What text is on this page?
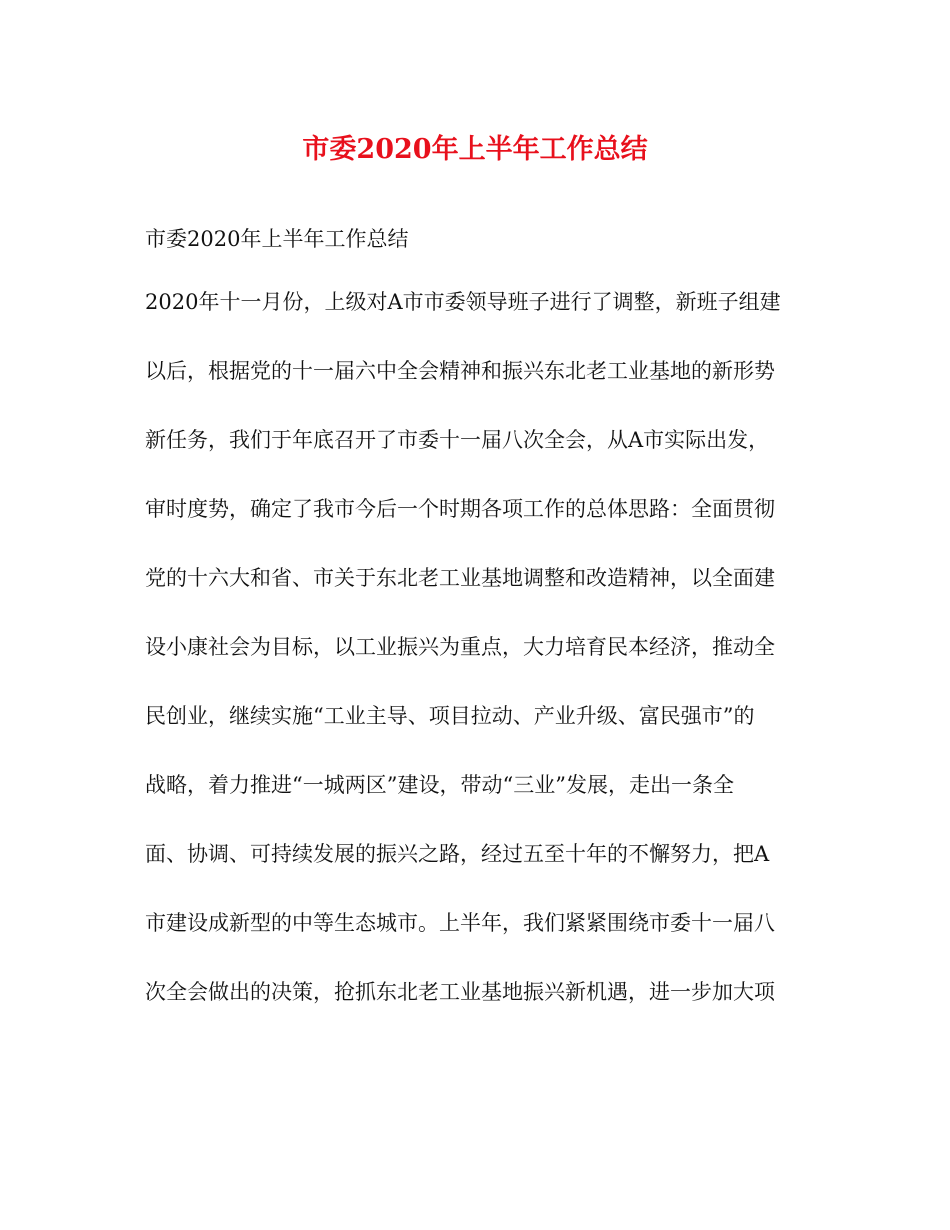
市委2020年上半年工作总结

市委2020年上半年工作总结

2020年十一月份，上级对A市市委领导班子进行了调整，新班子组建
以后，根据党的十一届六中全会精神和振兴东北老工业基地的新形势
新任务，我们于年底召开了市委十一届八次全会，从A市实际出发，
审时度势，确定了我市今后一个时期各项工作的总体思路：全面贯彻
党的十六大和省、市关于东北老工业基地调整和改造精神，以全面建
设小康社会为目标，以工业振兴为重点，大力培育民本经济，推动全
民创业，继续实施“工业主导、项目拉动、产业升级、富民强市”的
战略，着力推进“一城两区”建设，带动“三业”发展，走出一条全
面、协调、可持续发展的振兴之路，经过五至十年的不懈努力，把A
市建设成新型的中等生态城市。上半年，我们紧紧围绕市委十一届八
次全会做出的决策，抢抓东北老工业基地振兴新机遇，进一步加大项
